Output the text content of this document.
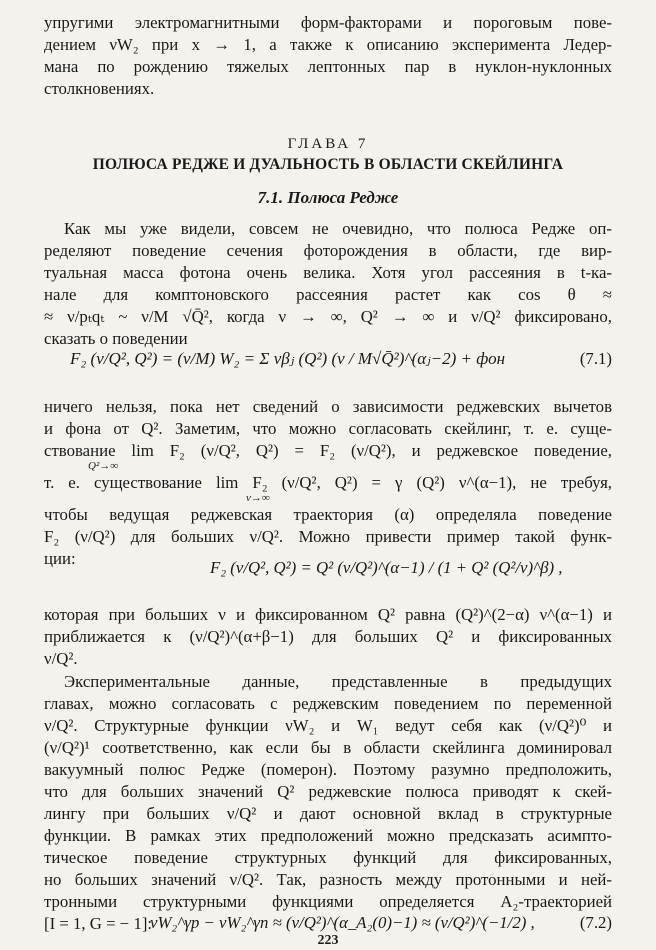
упругими электромагнитными форм-факторами и пороговым пове-
дением νW₂ при x → 1, а также к описанию эксперимента Ледер-
мана по рождению тяжелых лептонных пар в нуклон-нуклонных
столкновениях.
ГЛАВА 7
ПОЛЮСА РЕДЖЕ И ДУАЛЬНОСТЬ В ОБЛАСТИ СКЕЙЛИНГА
7.1. Полюса Редже
Как мы уже видели, совсем не очевидно, что полюса Редже оп-
ределяют поведение сечения фоторождения в области, где вир-
туальная масса фотона очень велика. Хотя угол рассеяния в t-ка-
нале для комптоновского рассеяния растет как cos θ ≈
≈ ν/pₜqₜ ~ ν/M √Q̄², когда ν → ∞, Q² → ∞ и ν/Q² фиксировано,
сказать о поведении
F₂ (ν/Q², Q²) = (ν/M) W₂ = Σ νβⱼ (Q²) (ν / M√Q̄²)^(αⱼ−2) + фон	(7.1)
ничего нельзя, пока нет сведений о зависимости реджевских вычетов
и фона от Q². Заметим, что можно согласовать скейлинг, т. е. суще-
ствование lim F₂ (ν/Q², Q²) = F₂ (ν/Q²), и реджевское поведение,
Q²→∞
т. е. существование lim F₂ (ν/Q², Q²) = γ (Q²) ν^(α−1), не требуя,
ν→∞
чтобы ведущая реджевская траектория (α) определяла поведение
F₂ (ν/Q²) для больших ν/Q². Можно привести пример такой функ-
ции:	F₂ (ν/Q², Q²) = Q² (ν/Q²)^(α−1) / (1 + Q² (Q²/ν)^β) ,
которая при больших ν и фиксированном Q² равна (Q²)^(2−α) ν^(α−1) и
приближается к (ν/Q²)^(α+β−1) для больших Q² и фиксированных
ν/Q².
Экспериментальные данные, представленные в предыдущих
главах, можно согласовать с реджевским поведением по переменной
ν/Q². Структурные функции νW₂ и W₁ ведут себя как (ν/Q²)⁰ и
(ν/Q²)¹ соответственно, как если бы в области скейлинга доминировал
вакуумный полюс Редже (померон). Поэтому разумно предположить,
что для больших значений Q² реджевские полюса приводят к скей-
лингу при больших ν/Q² и дают основной вклад в структурные
функции. В рамках этих предположений можно предсказать асимпто-
тическое поведение структурных функций для фиксированных,
но больших значений ν/Q². Так, разность между протонными и ней-
тронными структурными функциями определяется A₂-траекторией
[I = 1, G = − 1]:
νW₂^γp − νW₂^γn ≈ (ν/Q²)^(α_A₂(0)−1) ≈ (ν/Q²)^(−1/2) ,	(7.2)
223
